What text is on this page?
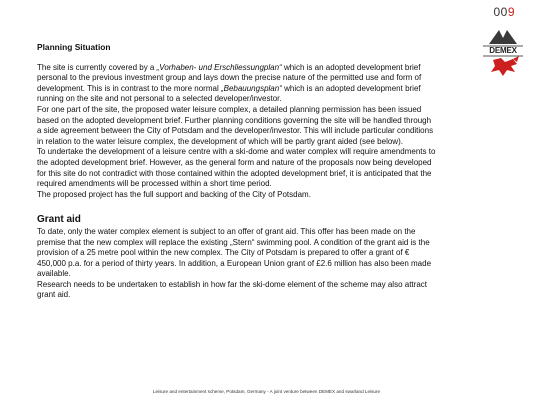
009
DEMEX
Planning Situation

The site is currently covered by a „Vorhaben- und Erschliessungplan“ which is an adopted development brief personal to the previous investment group and lays down the precise nature of the permitted use and form of development. This is in contrast to the more normal „Bebauungsplan“ which is an adopted development brief running on the site and not personal to a selected developer/investor.

For one part of the site, the proposed water leisure complex, a detailed planning permission has been issued based on the adopted development brief. Further planning conditions governing the site will be handled through a side agreement between the City of Potsdam and the developer/investor. This will include particular conditions in relation to the water leisure complex, the development of which will be partly grant aided (see below).

To undertake the development of a leisure centre with a ski-dome and water complex will require amendments to the adopted development brief. However, as the general form and nature of the proposals now being developed for this site do not contradict with those contained within the adopted development brief, it is anticipated that the required amendments will be processed within a short time period.

The proposed project has the full support and backing of the City of Potsdam.

Grant aid

To date, only the water complex element is subject to an offer of grant aid. This offer has been made on the premise that the new complex will replace the existing „Stern“ swimming pool. A condition of the grant aid is the provision of a 25 metre pool within the new complex. The City of Potsdam is prepared to offer a grant of € 450,000 p.a. for a period of thirty years. In addition, a European Union grant of £2.6 million has also been made available.

Research needs to be undertaken to establish in how far the ski-dome element of the scheme may also attract grant aid.

Leisure and entertainment scheme, Potsdam, Germany - A joint venture between DEMEX and swarland Leisure
